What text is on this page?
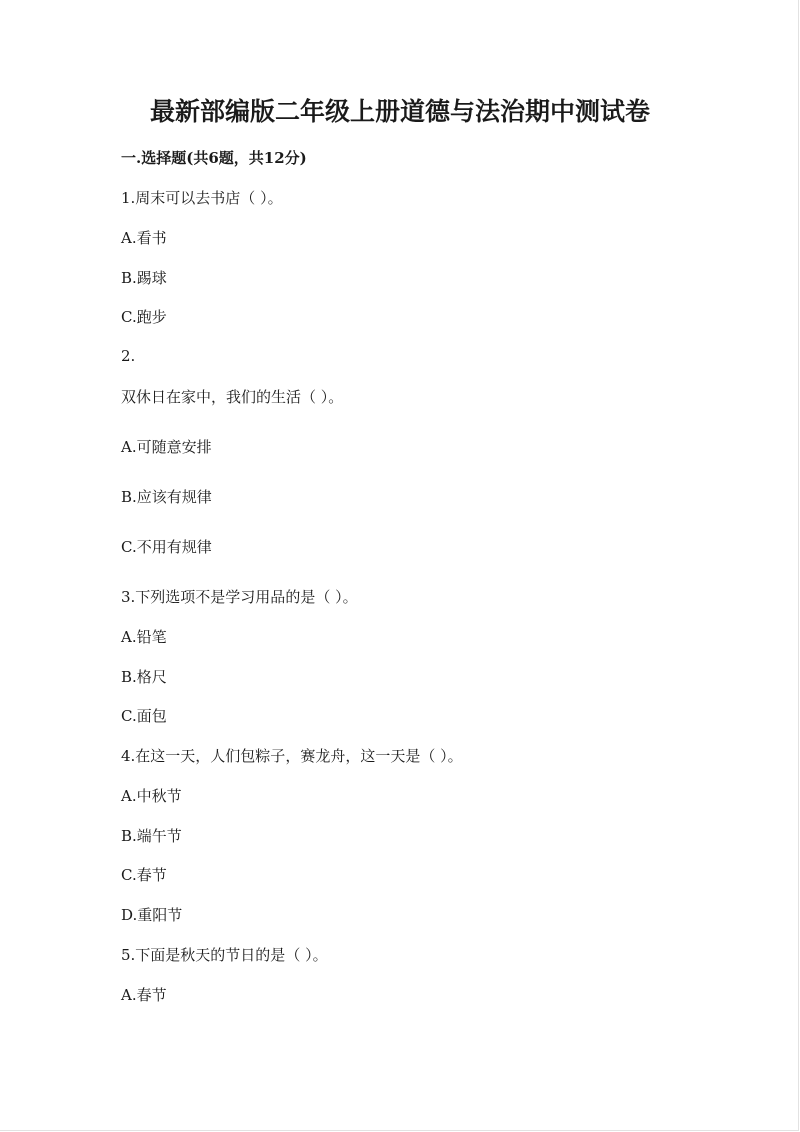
最新部编版二年级上册道德与法治期中测试卷
一.选择题(共6题，共12分)
1.周末可以去书店（ ）。
A.看书
B.踢球
C.跑步
2.
双休日在家中，我们的生活（ ）。
A.可随意安排
B.应该有规律
C.不用有规律
3.下列选项不是学习用品的是（ ）。
A.铅笔
B.格尺
C.面包
4.在这一天，人们包粽子，赛龙舟，这一天是（ ）。
A.中秋节
B.端午节
C.春节
D.重阳节
5.下面是秋天的节日的是（ ）。
A.春节
